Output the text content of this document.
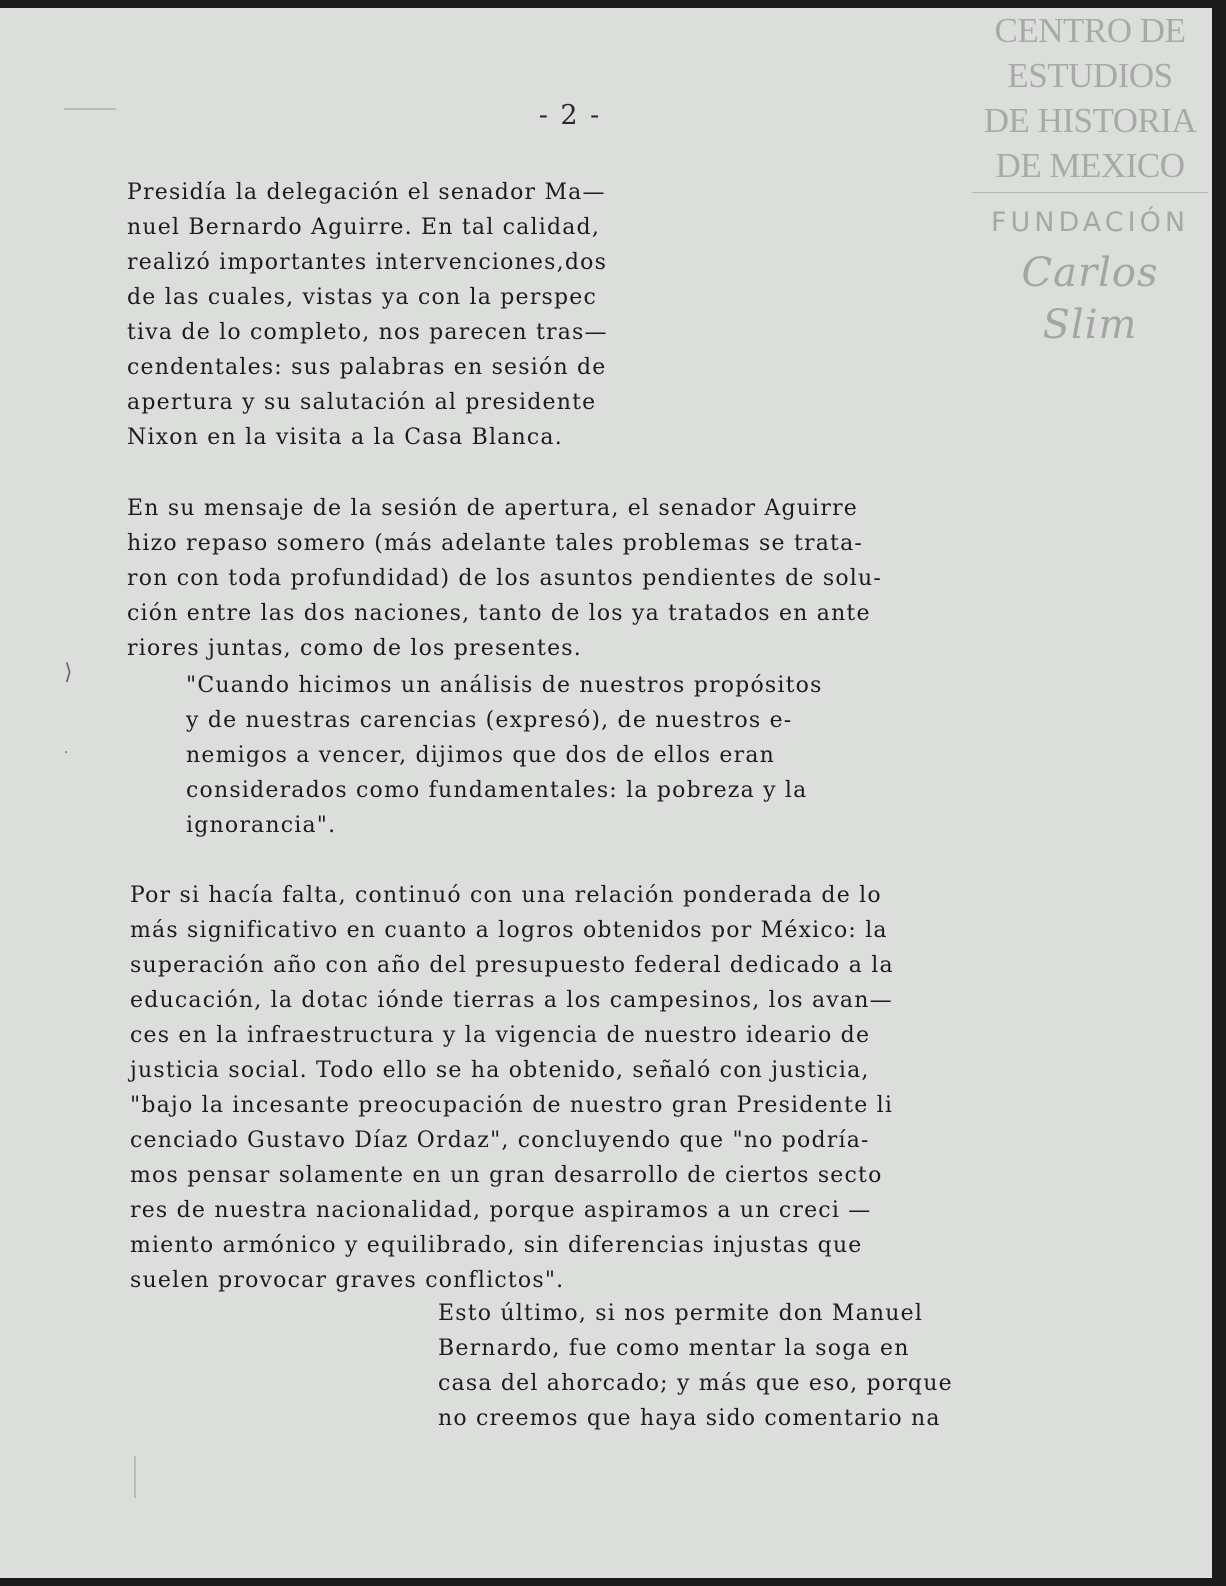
⟩
·
- 2 -
CENTRO DE
ESTUDIOS
DE HISTORIA
DE MEXICO
FUNDACIÓN
Carlos Slim
Presidía la delegación el senador Ma—
nuel Bernardo Aguirre. En tal calidad,
realizó importantes intervenciones,dos
de las cuales, vistas ya con la perspec
tiva de lo completo, nos parecen tras—
cendentales: sus palabras en sesión de
apertura y su salutación al presidente
Nixon en la visita a la Casa Blanca.
En su mensaje de la sesión de apertura, el senador Aguirre
hizo repaso somero (más adelante tales problemas se trata-
ron con toda profundidad) de los asuntos pendientes de solu-
ción entre las dos naciones, tanto de los ya tratados en ante
riores juntas, como de los presentes.
"Cuando hicimos un análisis de nuestros propósitos
y de nuestras carencias (expresó), de nuestros e-
nemigos a vencer, dijimos que dos de ellos eran
considerados como fundamentales: la pobreza y la
ignorancia".
Por si hacía falta, continuó con una relación ponderada de lo
más significativo en cuanto a logros obtenidos por México: la
superación año con año del presupuesto federal dedicado a la
educación, la dotac iónde tierras a los campesinos, los avan—
ces en la infraestructura y la vigencia de nuestro ideario de
justicia social. Todo ello se ha obtenido, señaló con justicia,
"bajo la incesante preocupación de nuestro gran Presidente li
cenciado Gustavo Díaz Ordaz", concluyendo que "no podría-
mos pensar solamente en un gran desarrollo de ciertos secto
res de nuestra nacionalidad, porque aspiramos a un creci —
miento armónico y equilibrado, sin diferencias injustas que
suelen provocar graves conflictos".
Esto último, si nos permite don Manuel
Bernardo, fue como mentar la soga en
casa del ahorcado; y más que eso, porque
no creemos que haya sido comentario na
